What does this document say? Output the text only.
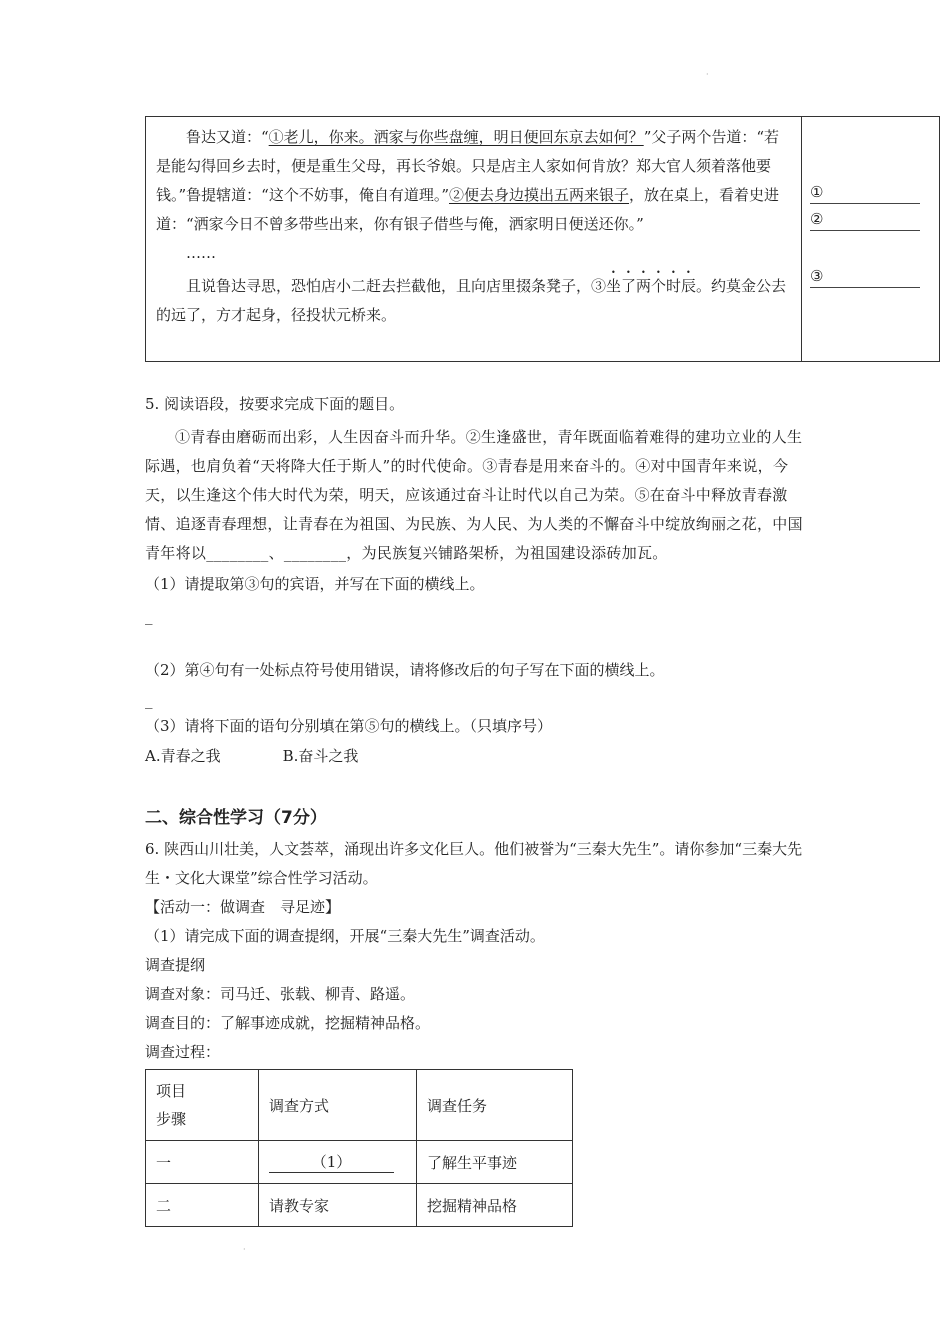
·

鲁达又道：“①老儿，你来。洒家与你些盘缠，明日便回东京去如何？”父子两个告道：“若是能勾得回乡去时，便是重生父母，再长爷娘。只是店主人家如何肯放？郑大官人须着落他要钱。”鲁提辖道：“这个不妨事，俺自有道理。”②便去身边摸出五两来银子，放在桌上，看着史进道：“洒家今日不曾多带些出来，你有银子借些与俺，洒家明日便送还你。”

……

且说鲁达寻思，恐怕店小二赶去拦截他，且向店里掇条凳子，③坐了两个时辰。约莫金公去的远了，方才起身，径投状元桥来。

①
②
③
5. 阅读语段，按要求完成下面的题目。
①青春由磨砺而出彩，人生因奋斗而升华。②生逢盛世，青年既面临着难得的建功立业的人生际遇，也肩负着“天将降大任于斯人”的时代使命。③青春是用来奋斗的。④对中国青年来说，今天，以生逢这个伟大时代为荣，明天，应该通过奋斗让时代以自己为荣。⑤在奋斗中释放青春激情、追逐青春理想，让青春在为祖国、为民族、为人民、为人类的不懈奋斗中绽放绚丽之花，中国青年将以________、________，为民族复兴铺路架桥，为祖国建设添砖加瓦。
（1）请提取第③句的宾语，并写在下面的横线上。
_
（2）第④句有一处标点符号使用错误，请将修改后的句子写在下面的横线上。
_
（3）请将下面的语句分别填在第⑤句的横线上。（只填序号）
A.青春之我	B.奋斗之我
二、综合性学习（7分）

6. 陕西山川壮美，人文荟萃，涌现出许多文化巨人。他们被誉为“三秦大先生”。请你参加“三秦大先生・文化大课堂”综合性学习活动。

【活动一：做调查　寻足迹】

（1）请完成下面的调查提纲，开展“三秦大先生”调查活动。

调查提纲

调查对象：司马迁、张载、柳青、路遥。

调查目的：了解事迹成就，挖掘精神品格。

调查过程：

项目
步骤	调查方式	调查任务
一	（1）	了解生平事迹
二	请教专家	挖掘精神品格
·
